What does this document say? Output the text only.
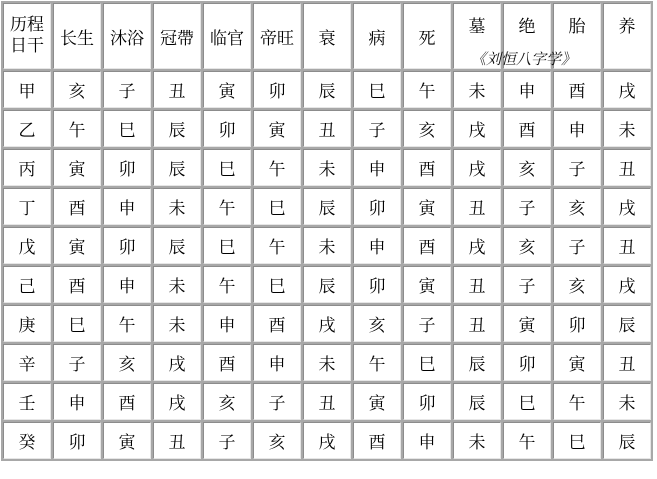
历程
日干	长生	沐浴	冠帶	临官	帝旺	衰	病	死	墓	绝	胎	养

甲	亥	子	丑	寅	卯	辰	巳	午	未	申	酉	戌
乙	午	巳	辰	卯	寅	丑	子	亥	戌	酉	申	未
丙	寅	卯	辰	巳	午	未	申	酉	戌	亥	子	丑
丁	酉	申	未	午	巳	辰	卯	寅	丑	子	亥	戌
戊	寅	卯	辰	巳	午	未	申	酉	戌	亥	子	丑
己	酉	申	未	午	巳	辰	卯	寅	丑	子	亥	戌
庚	巳	午	未	申	酉	戌	亥	子	丑	寅	卯	辰
辛	子	亥	戌	酉	申	未	午	巳	辰	卯	寅	丑
壬	申	酉	戌	亥	子	丑	寅	卯	辰	巳	午	未
癸	卯	寅	丑	子	亥	戌	酉	申	未	午	巳	辰
《刘恒八字学》
